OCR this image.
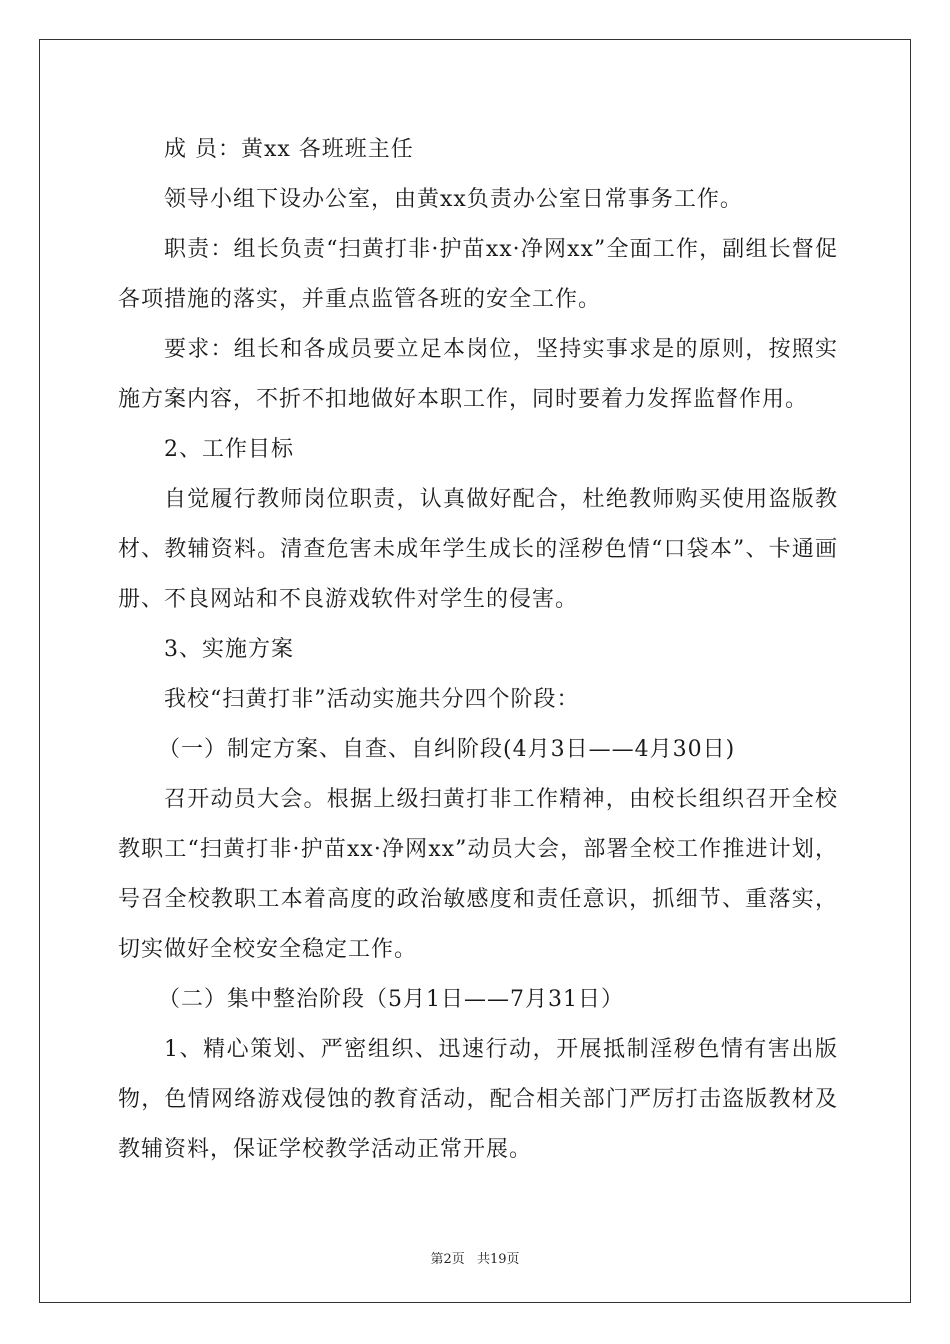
成 员：黄xx 各班班主任

领导小组下设办公室，由黄xx负责办公室日常事务工作。

职责：组长负责“扫黄打非·护苗xx·净网xx”全面工作，副组长督促各项措施的落实，并重点监管各班的安全工作。

要求：组长和各成员要立足本岗位，坚持实事求是的原则，按照实施方案内容，不折不扣地做好本职工作，同时要着力发挥监督作用。

2、工作目标

自觉履行教师岗位职责，认真做好配合，杜绝教师购买使用盗版教材、教辅资料。清查危害未成年学生成长的淫秽色情“口袋本”、卡通画册、不良网站和不良游戏软件对学生的侵害。

3、实施方案

我校“扫黄打非”活动实施共分四个阶段：

（一）制定方案、自查、自纠阶段(4月3日——4月30日)

召开动员大会。根据上级扫黄打非工作精神，由校长组织召开全校教职工“扫黄打非·护苗xx·净网xx”动员大会，部署全校工作推进计划，号召全校教职工本着高度的政治敏感度和责任意识，抓细节、重落实，切实做好全校安全稳定工作。

（二）集中整治阶段（5月1日——7月31日）

1、精心策划、严密组织、迅速行动，开展抵制淫秽色情有害出版物，色情网络游戏侵蚀的教育活动，配合相关部门严厉打击盗版教材及教辅资料，保证学校教学活动正常开展。

第2页 共19页
